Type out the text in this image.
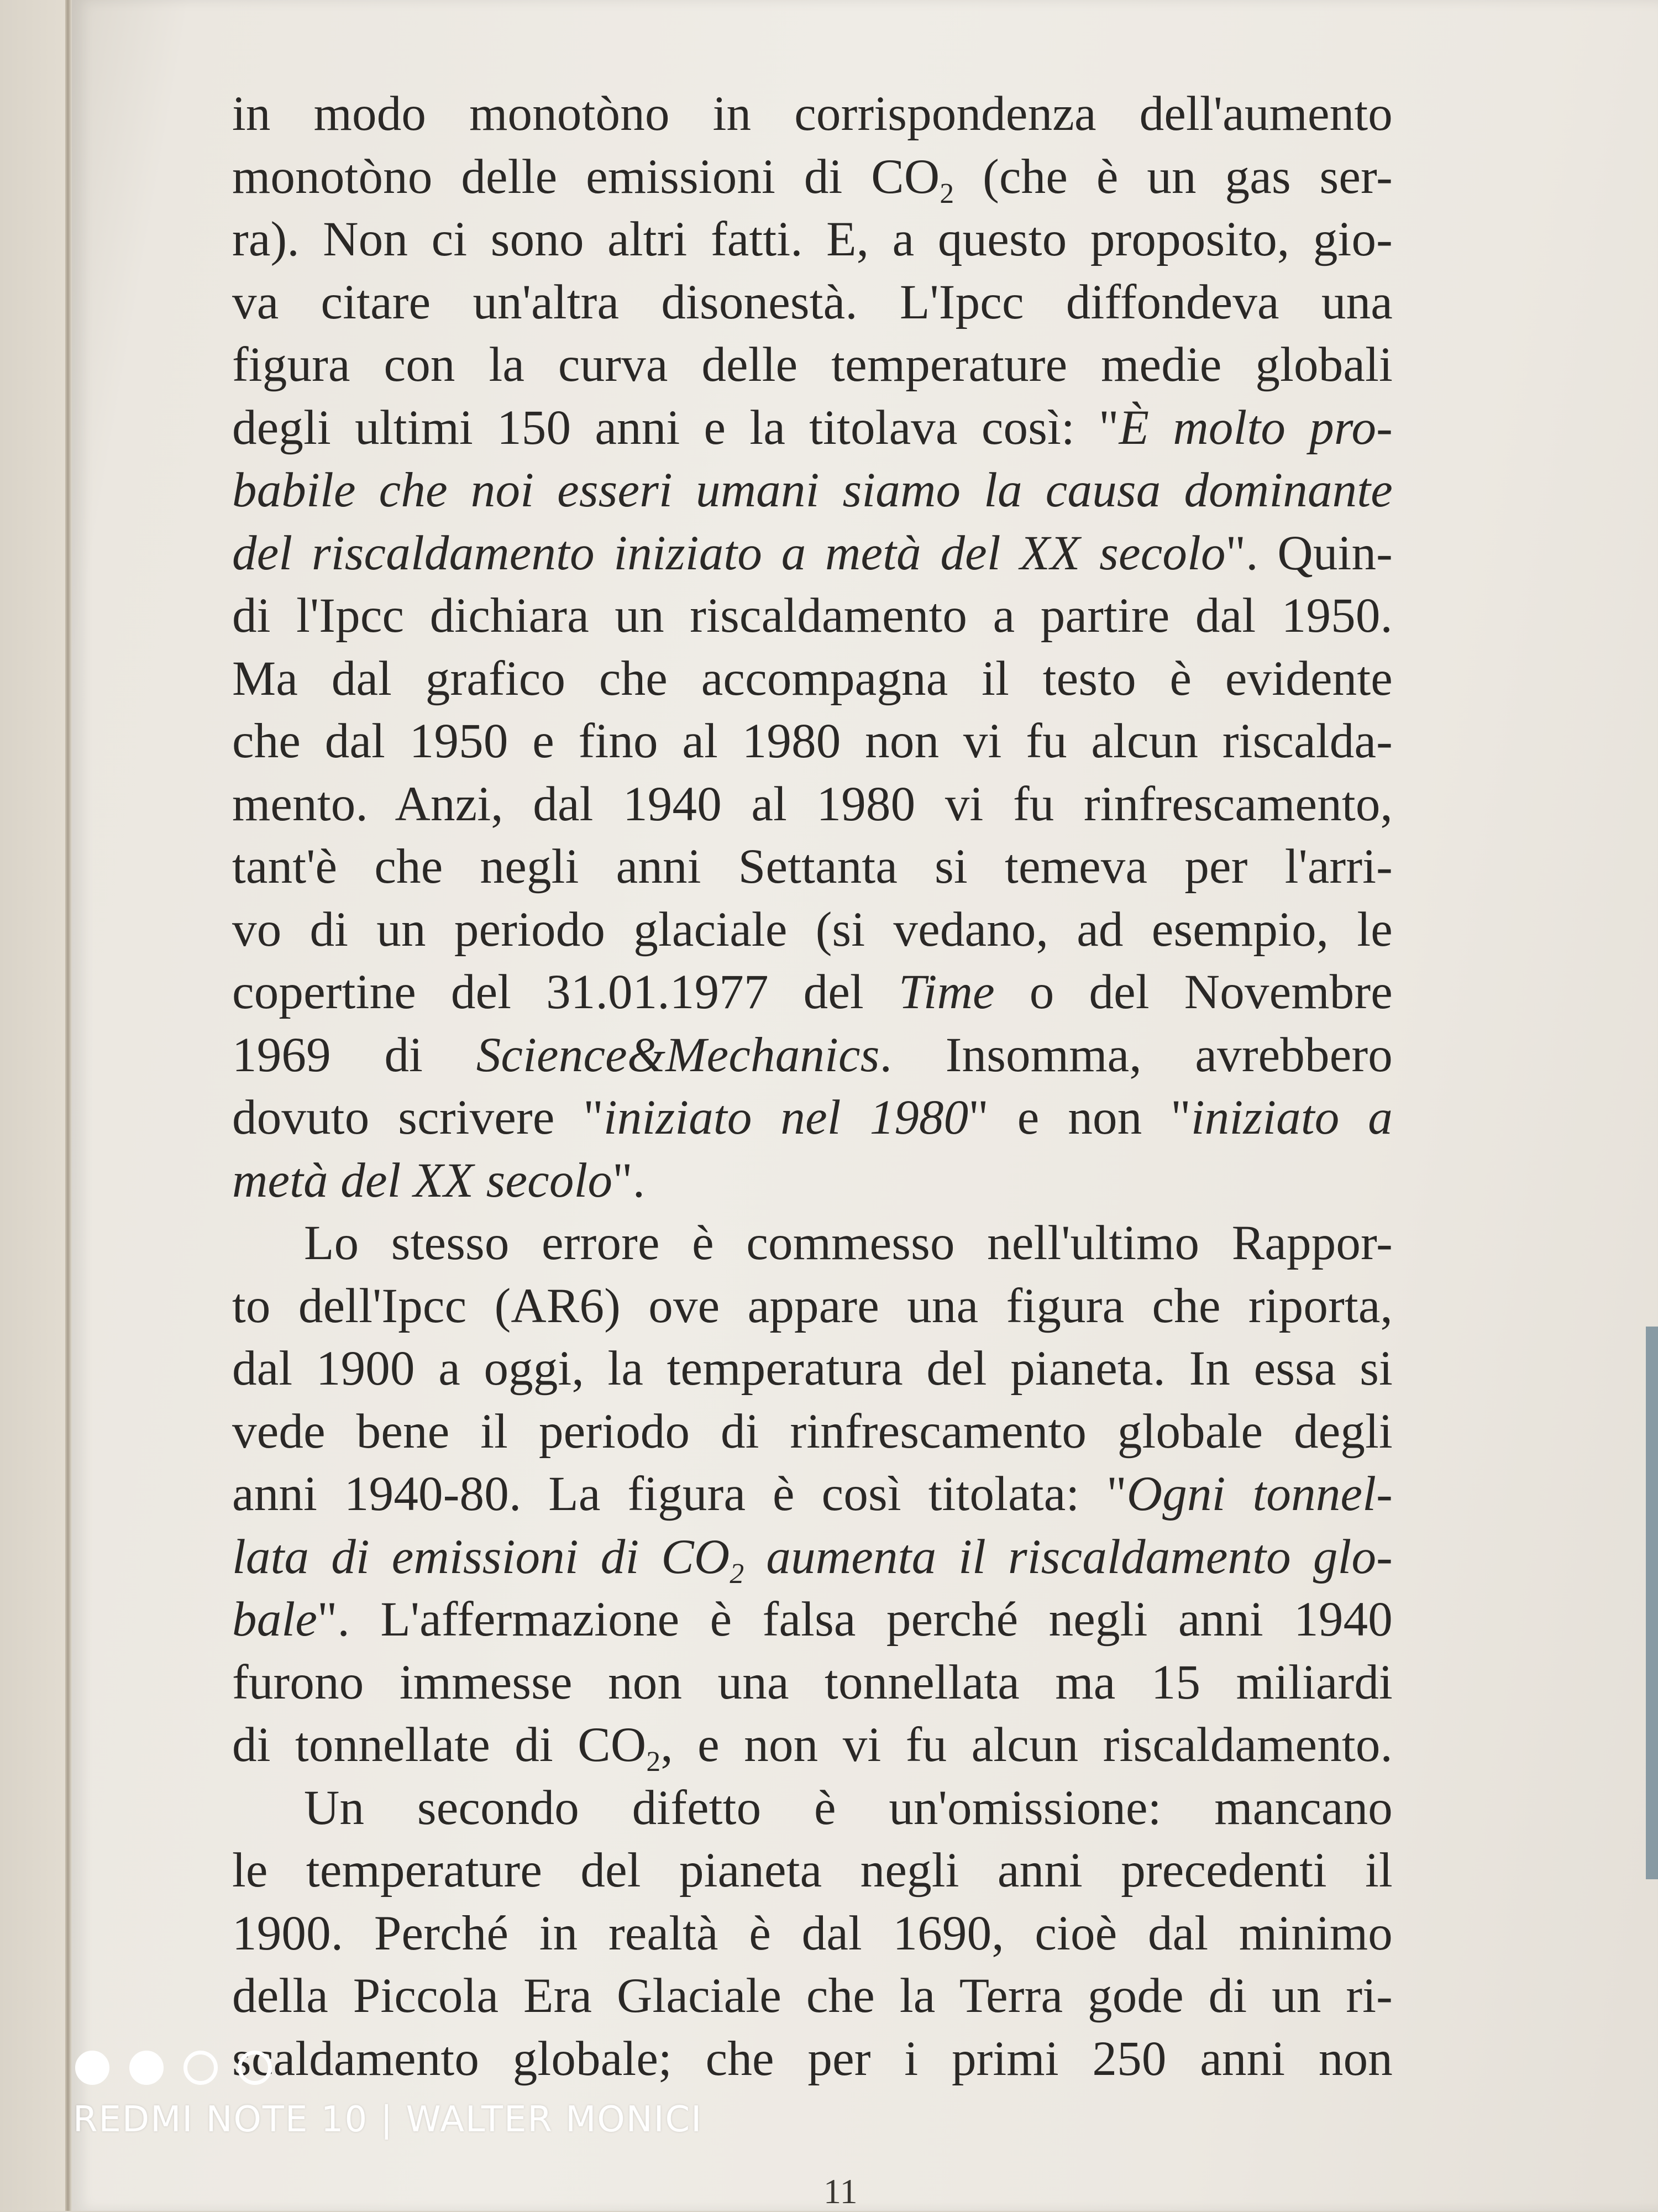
in modo monotòno in corrispondenza dell'aumento
monotòno delle emissioni di $CO_2$ (che è un gas ser-
ra). Non ci sono altri fatti. E, a questo proposito, gio-
va citare un'altra disonestà. L'Ipcc diffondeva una
figura con la curva delle temperature medie globali
degli ultimi 150 anni e la titolava così: "È molto pro-
babile che noi esseri umani siamo la causa dominante
del riscaldamento iniziato a metà del XX secolo". Quin-
di l'Ipcc dichiara un riscaldamento a partire dal 1950.
Ma dal grafico che accompagna il testo è evidente
che dal 1950 e fino al 1980 non vi fu alcun riscalda-
mento. Anzi, dal 1940 al 1980 vi fu rinfrescamento,
tant'è che negli anni Settanta si temeva per l'arri-
vo di un periodo glaciale (si vedano, ad esempio, le
copertine del 31.01.1977 del Time o del Novembre
1969 di Science&Mechanics. Insomma, avrebbero
dovuto scrivere "iniziato nel 1980" e non "iniziato a
metà del XX secolo".
Lo stesso errore è commesso nell'ultimo Rappor-
to dell'Ipcc (AR6) ove appare una figura che riporta,
dal 1900 a oggi, la temperatura del pianeta. In essa si
vede bene il periodo di rinfrescamento globale degli
anni 1940-80. La figura è così titolata: "Ogni tonnel-
lata di emissioni di $CO_2$ aumenta il riscaldamento glo-
bale". L'affermazione è falsa perché negli anni 1940
furono immesse non una tonnellata ma 15 miliardi
di tonnellate di $CO_2$, e non vi fu alcun riscaldamento.
Un secondo difetto è un'omissione: mancano
le temperature del pianeta negli anni precedenti il
1900. Perché in realtà è dal 1690, cioè dal minimo
della Piccola Era Glaciale che la Terra gode di un ri-
scaldamento globale; che per i primi 250 anni non
11
REDMI NOTE 10 | WALTER MONICI
